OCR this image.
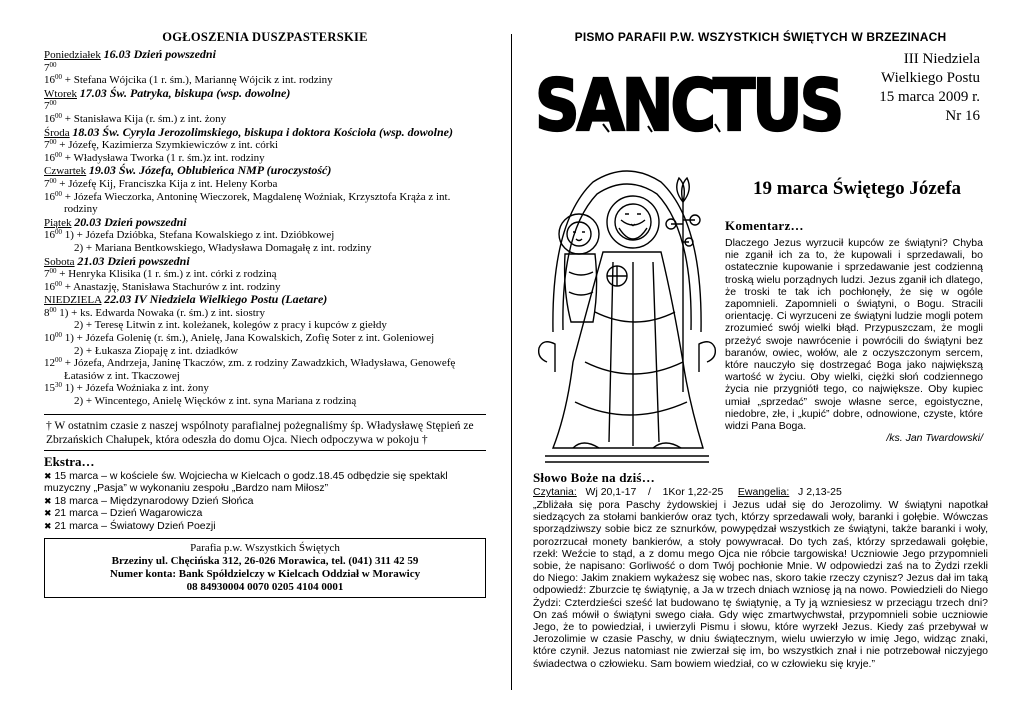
OGŁOSZENIA DUSZPASTERSKIE
Poniedziałek 16.03 Dzień powszedni
$7^{00}$
$16^{00}$ + Stefana Wójcika (1 r. śm.), Mariannę Wójcik z int. rodziny
Wtorek 17.03 Św. Patryka, biskupa (wsp. dowolne)
$7^{00}$
$16^{00}$ + Stanisława Kija (r. śm.) z int. żony
Środa 18.03 Św. Cyryla Jerozolimskiego, biskupa i doktora Kościoła (wsp. dowolne)
$7^{00}$ + Józefę, Kazimierza Szymkiewiczów z int. córki
$16^{00}$ + Władysława Tworka (1 r. śm.)z int. rodziny
Czwartek 19.03 Św. Józefa, Oblubieńca NMP (uroczystość)
$7^{00}$ + Józefę Kij, Franciszka Kija z int. Heleny Korba
$16^{00}$ + Józefa Wieczorka, Antoninę Wieczorek, Magdalenę Woźniak, Krzysztofa Krąża z int. rodziny
Piątek 20.03 Dzień powszedni
$16^{00}$ 1) + Józefa Dzióbka, Stefana Kowalskiego z int. Dzióbkowej
2) + Mariana Bentkowskiego, Władysława Domagałę z int. rodziny
Sobota 21.03 Dzień powszedni
$7^{00}$ + Henryka Klisika (1 r. śm.) z int. córki z rodziną
$16^{00}$ + Anastazję, Stanisława Stachurów z int. rodziny
NIEDZIELA 22.03 IV Niedziela Wielkiego Postu (Laetare)
$8^{00}$ 1) + ks. Edwarda Nowaka (r. śm.) z int. siostry
2) + Teresę Litwin z int. koleżanek, kolegów z pracy i kupców z giełdy
$10^{00}$ 1) + Józefa Golenię (r. śm.), Anielę, Jana Kowalskich, Zofię Soter z int. Goleniowej
2) + Łukasza Ziopaję z int. dziadków
$12^{00}$ + Józefa, Andrzeja, Janinę Tkaczów, zm. z rodziny Zawadzkich, Władysława, Genowefę Łatasiów z int. Tkaczowej
$15^{30}$ 1) + Józefa Woźniaka z int. żony
2) + Wincentego, Anielę Więcków z int. syna Mariana z rodziną
† W ostatnim czasie z naszej wspólnoty parafialnej pożegnaliśmy śp. Władysławę Stępień ze Zbrzańskich Chałupek, która odeszła do domu Ojca. Niech odpoczywa w pokoju †
Ekstra…
✖ 15 marca – w kościele św. Wojciecha w Kielcach o godz.18.45 odbędzie się spektakl muzyczny „Pasja” w wykonaniu zespołu „Bardzo nam Miłosz”
✖ 18 marca – Międzynarodowy Dzień Słońca
✖ 21 marca – Dzień Wagarowicza
✖ 21 marca – Światowy Dzień Poezji
Parafia p.w. Wszystkich Świętych
Brzeziny ul. Chęcińska 312, 26-026 Morawica, tel. (041) 311 42 59
Numer konta: Bank Spółdzielczy w Kielcach Oddział w Morawicy
08 84930004 0070 0205 4104 0001
PISMO PARAFII P.W. WSZYSTKICH ŚWIĘTYCH W BRZEZINACH
SANCTUS
III Niedziela
Wielkiego Postu
15 marca 2009 r.
Nr 16
19 marca Świętego Józefa
Komentarz…
Dlaczego Jezus wyrzucił kupców ze świątyni? Chyba nie zganił ich za to, że kupowali i sprzedawali, bo ostatecznie kupowanie i sprzedawanie jest codzienną troską wielu porządnych ludzi. Jezus zganił ich dlatego, że troski te tak ich pochłonęły, że się w ogóle zapomnieli. Zapomnieli o świątyni, o Bogu. Stracili orientację. Ci wyrzuceni ze świątyni ludzie mogli potem zrozumieć swój wielki błąd. Przypuszczam, że mogli przeżyć swoje nawrócenie i powrócili do świątyni bez baranów, owiec, wołów, ale z oczyszczonym sercem, które nauczyło się dostrzegać Boga jako największą wartość w życiu. Oby wielki, ciężki słoń codziennego życia nie przygniótł tego, co największe. Oby kupiec umiał „sprzedać” swoje własne serce, egoistyczne, niedobre, złe, i „kupić” dobre, odnowione, czyste, które widzi Pana Boga.
/ks. Jan Twardowski/
Słowo Boże na dziś…
Czytania: Wj 20,1-17 / 1Kor 1,22-25 Ewangelia: J 2,13-25
„Zbliżała się pora Paschy żydowskiej i Jezus udał się do Jerozolimy. W świątyni napotkał siedzących za stołami bankierów oraz tych, którzy sprzedawali woły, baranki i gołębie. Wówczas sporządziwszy sobie bicz ze sznurków, powypędzał wszystkich ze świątyni, także baranki i woły, porozrzucał monety bankierów, a stoły powywracał. Do tych zaś, którzy sprzedawali gołębie, rzekł: Weźcie to stąd, a z domu mego Ojca nie róbcie targowiska! Uczniowie Jego przypomnieli sobie, że napisano: Gorliwość o dom Twój pochłonie Mnie. W odpowiedzi zaś na to Żydzi rzekli do Niego: Jakim znakiem wykażesz się wobec nas, skoro takie rzeczy czynisz? Jezus dał im taką odpowiedź: Zburzcie tę świątynię, a Ja w trzech dniach wzniosę ją na nowo. Powiedzieli do Niego Żydzi: Czterdzieści sześć lat budowano tę świątynię, a Ty ją wzniesiesz w przeciągu trzech dni? On zaś mówił o świątyni swego ciała. Gdy więc zmartwychwstał, przypomnieli sobie uczniowie Jego, że to powiedział, i uwierzyli Pismu i słowu, które wyrzekł Jezus. Kiedy zaś przebywał w Jerozolimie w czasie Paschy, w dniu świątecznym, wielu uwierzyło w imię Jego, widząc znaki, które czynił. Jezus natomiast nie zwierzał się im, bo wszystkich znał i nie potrzebował niczyjego świadectwa o człowieku. Sam bowiem wiedział, co w człowieku się kryje.”
